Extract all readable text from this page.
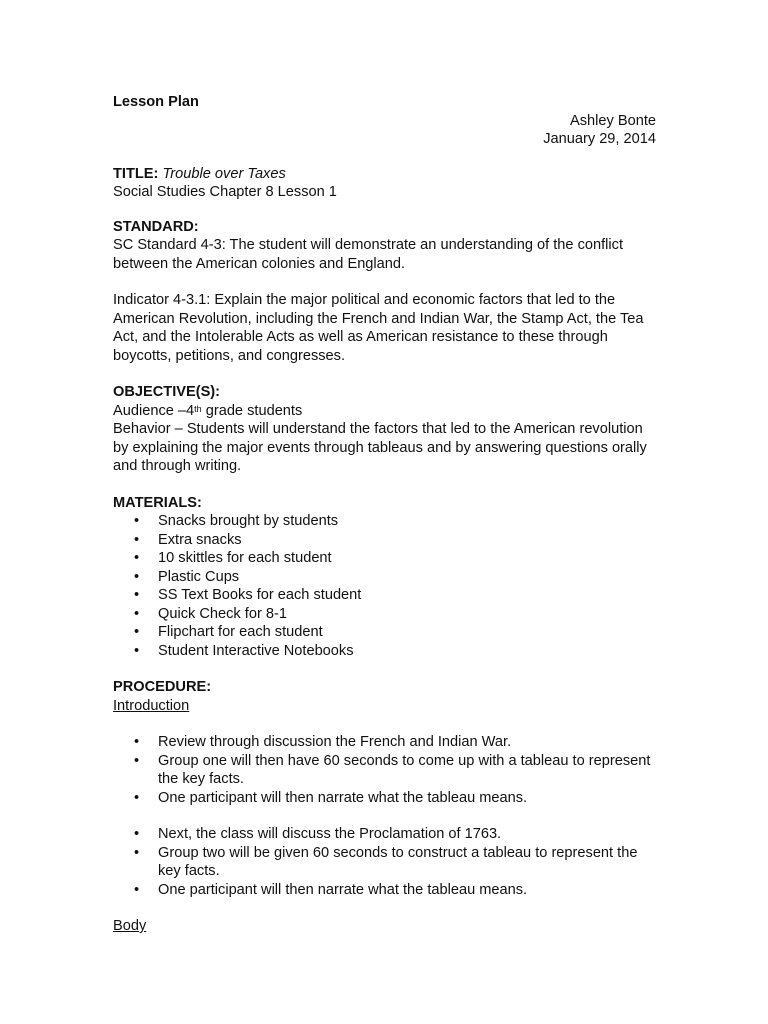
Lesson Plan

Ashley Bonte

January 29, 2014

TITLE: Trouble over Taxes

Social Studies Chapter 8 Lesson 1

STANDARD:

SC Standard 4-3: The student will demonstrate an understanding of the conflict between the American colonies and England.

Indicator 4-3.1: Explain the major political and economic factors that led to the American Revolution, including the French and Indian War, the Stamp Act, the Tea Act, and the Intolerable Acts as well as American resistance to these through boycotts, petitions, and congresses.

OBJECTIVE(S):

Audience –4th grade students

Behavior – Students will understand the factors that led to the American revolution by explaining the major events through tableaus and by answering questions orally and through writing.

MATERIALS:

• Snacks brought by students
• Extra snacks
• 10 skittles for each student
• Plastic Cups
• SS Text Books for each student
• Quick Check for 8-1
• Flipchart for each student
• Student Interactive Notebooks

PROCEDURE:

Introduction

• Review through discussion the French and Indian War.
• Group one will then have 60 seconds to come up with a tableau to represent the key facts.
• One participant will then narrate what the tableau means.
• Next, the class will discuss the Proclamation of 1763.
• Group two will be given 60 seconds to construct a tableau to represent the key facts.
• One participant will then narrate what the tableau means.

Body
